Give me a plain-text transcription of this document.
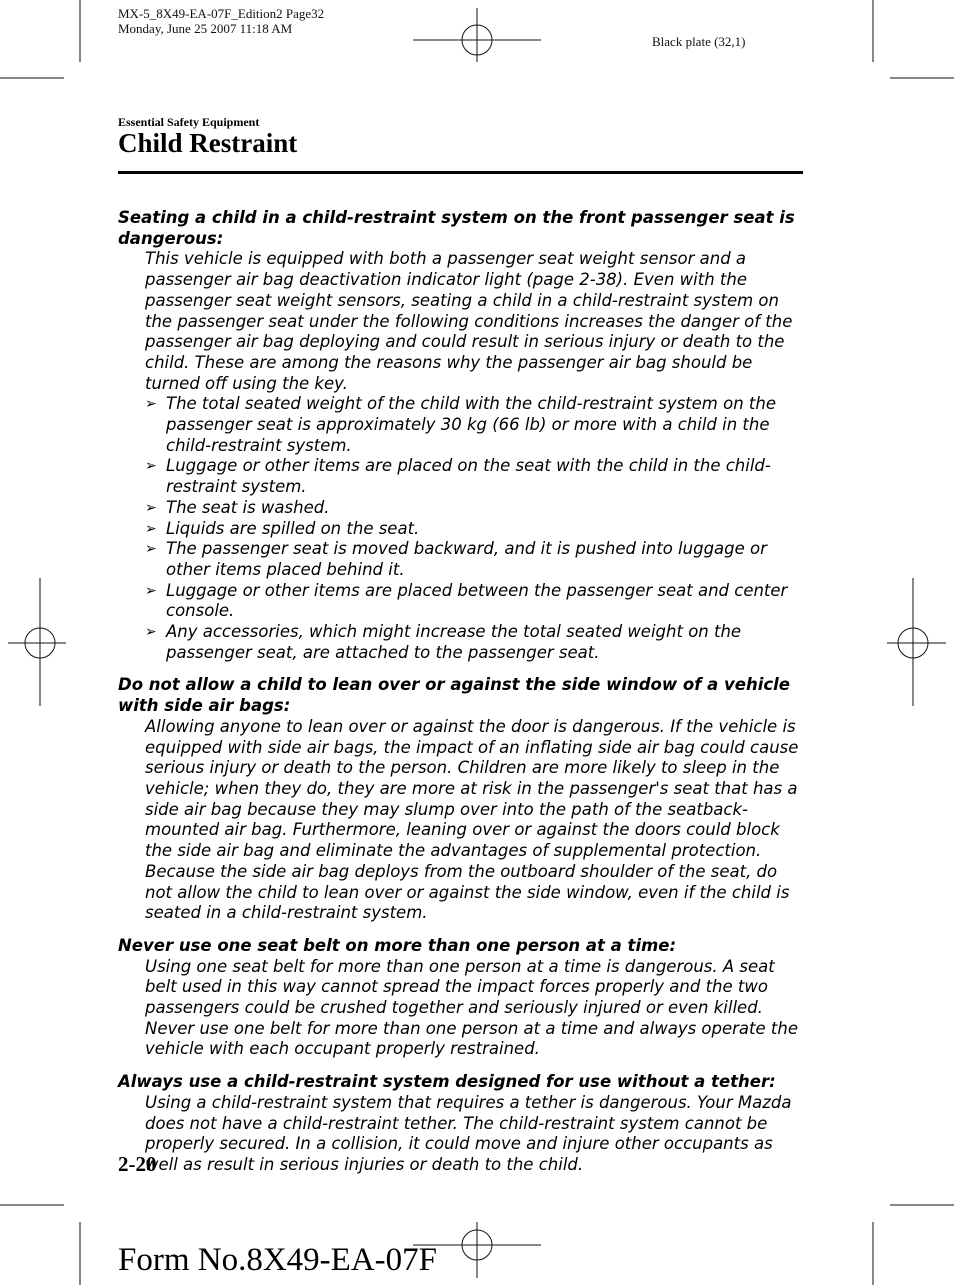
MX-5_8X49-EA-07F_Edition2 Page32
Monday, June 25 2007 11:18 AM
Black plate (32,1)
Essential Safety Equipment
Child Restraint
Seating a child in a child-restraint system on the front passenger seat is dangerous:
This vehicle is equipped with both a passenger seat weight sensor and a passenger air bag deactivation indicator light (page 2-38). Even with the passenger seat weight sensors, seating a child in a child-restraint system on the passenger seat under the following conditions increases the danger of the passenger air bag deploying and could result in serious injury or death to the child. These are among the reasons why the passenger air bag should be turned off using the key.
➢ The total seated weight of the child with the child-restraint system on the passenger seat is approximately 30 kg (66 lb) or more with a child in the child-restraint system.
➢ Luggage or other items are placed on the seat with the child in the child-restraint system.
➢ The seat is washed.
➢ Liquids are spilled on the seat.
➢ The passenger seat is moved backward, and it is pushed into luggage or other items placed behind it.
➢ Luggage or other items are placed between the passenger seat and center console.
➢ Any accessories, which might increase the total seated weight on the passenger seat, are attached to the passenger seat.
Do not allow a child to lean over or against the side window of a vehicle with side air bags:
Allowing anyone to lean over or against the door is dangerous. If the vehicle is equipped with side air bags, the impact of an inflating side air bag could cause serious injury or death to the person. Children are more likely to sleep in the vehicle; when they do, they are more at risk in the passenger's seat that has a side air bag because they may slump over into the path of the seatback-mounted air bag. Furthermore, leaning over or against the doors could block the side air bag and eliminate the advantages of supplemental protection. Because the side air bag deploys from the outboard shoulder of the seat, do not allow the child to lean over or against the side window, even if the child is seated in a child-restraint system.
Never use one seat belt on more than one person at a time:
Using one seat belt for more than one person at a time is dangerous. A seat belt used in this way cannot spread the impact forces properly and the two passengers could be crushed together and seriously injured or even killed. Never use one belt for more than one person at a time and always operate the vehicle with each occupant properly restrained.
Always use a child-restraint system designed for use without a tether:
Using a child-restraint system that requires a tether is dangerous. Your Mazda does not have a child-restraint tether. The child-restraint system cannot be properly secured. In a collision, it could move and injure other occupants as well as result in serious injuries or death to the child.
2-20
Form No.8X49-EA-07F
